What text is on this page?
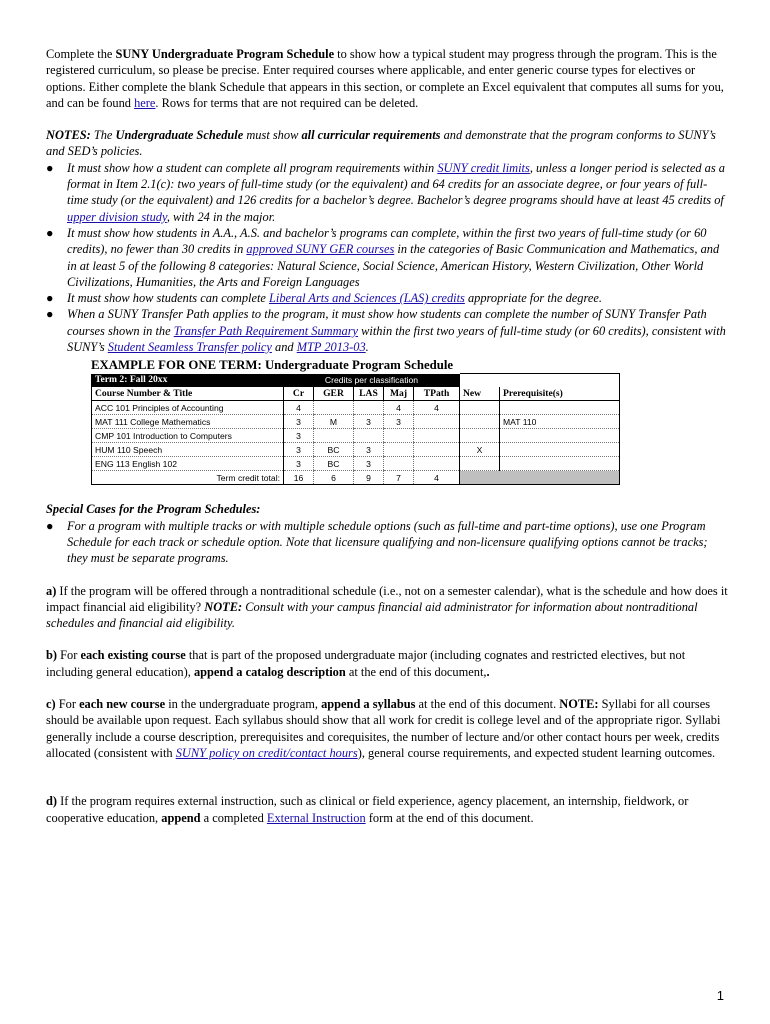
Complete the SUNY Undergraduate Program Schedule to show how a typical student may progress through the program. This is the registered curriculum, so please be precise. Enter required courses where applicable, and enter generic course types for electives or options. Either complete the blank Schedule that appears in this section, or complete an Excel equivalent that computes all sums for you, and can be found here. Rows for terms that are not required can be deleted.

NOTES: The Undergraduate Schedule must show all curricular requirements and demonstrate that the program conforms to SUNY’s and SED’s policies.

● It must show how a student can complete all program requirements within SUNY credit limits, unless a longer period is selected as a format in Item 2.1(c): two years of full-time study (or the equivalent) and 64 credits for an associate degree, or four years of full-time study (or the equivalent) and 126 credits for a bachelor’s degree. Bachelor’s degree programs should have at least 45 credits of upper division study, with 24 in the major.
● It must show how students in A.A., A.S. and bachelor’s programs can complete, within the first two years of full-time study (or 60 credits), no fewer than 30 credits in approved SUNY GER courses in the categories of Basic Communication and Mathematics, and in at least 5 of the following 8 categories: Natural Science, Social Science, American History, Western Civilization, Other World Civilizations, Humanities, the Arts and Foreign Languages
● It must show how students can complete Liberal Arts and Sciences (LAS) credits appropriate for the degree.
● When a SUNY Transfer Path applies to the program, it must show how students can complete the number of SUNY Transfer Path courses shown in the Transfer Path Requirement Summary within the first two years of full-time study (or 60 credits), consistent with SUNY’s Student Seamless Transfer policy and MTP 2013-03.

EXAMPLE FOR ONE TERM: Undergraduate Program Schedule

Term 2: Fall 20xx	Credits per classification						
Course Number & Title	Cr	GER	LAS	Maj	TPath	New	Prerequisite(s)
ACC 101 Principles of Accounting	4			4	4		
MAT 111 College Mathematics	3	M	3	3			MAT 110
CMP 101 Introduction to Computers	3						
HUM 110 Speech	3	BC	3			X	
ENG 113 English 102	3	BC	3				
Term credit total:	16	6	9	7	4		

Special Cases for the Program Schedules:

● For a program with multiple tracks or with multiple schedule options (such as full-time and part-time options), use one Program Schedule for each track or schedule option. Note that licensure qualifying and non-licensure qualifying options cannot be tracks; they must be separate programs.

a) If the program will be offered through a nontraditional schedule (i.e., not on a semester calendar), what is the schedule and how does it impact financial aid eligibility? NOTE: Consult with your campus financial aid administrator for information about nontraditional schedules and financial aid eligibility.

b) For each existing course that is part of the proposed undergraduate major (including cognates and restricted electives, but not including general education), append a catalog description at the end of this document,.

c) For each new course in the undergraduate program, append a syllabus at the end of this document. NOTE: Syllabi for all courses should be available upon request. Each syllabus should show that all work for credit is college level and of the appropriate rigor. Syllabi generally include a course description, prerequisites and corequisites, the number of lecture and/or other contact hours per week, credits allocated (consistent with SUNY policy on credit/contact hours), general course requirements, and expected student learning outcomes.

d) If the program requires external instruction, such as clinical or field experience, agency placement, an internship, fieldwork, or cooperative education, append a completed External Instruction form at the end of this document.

1
